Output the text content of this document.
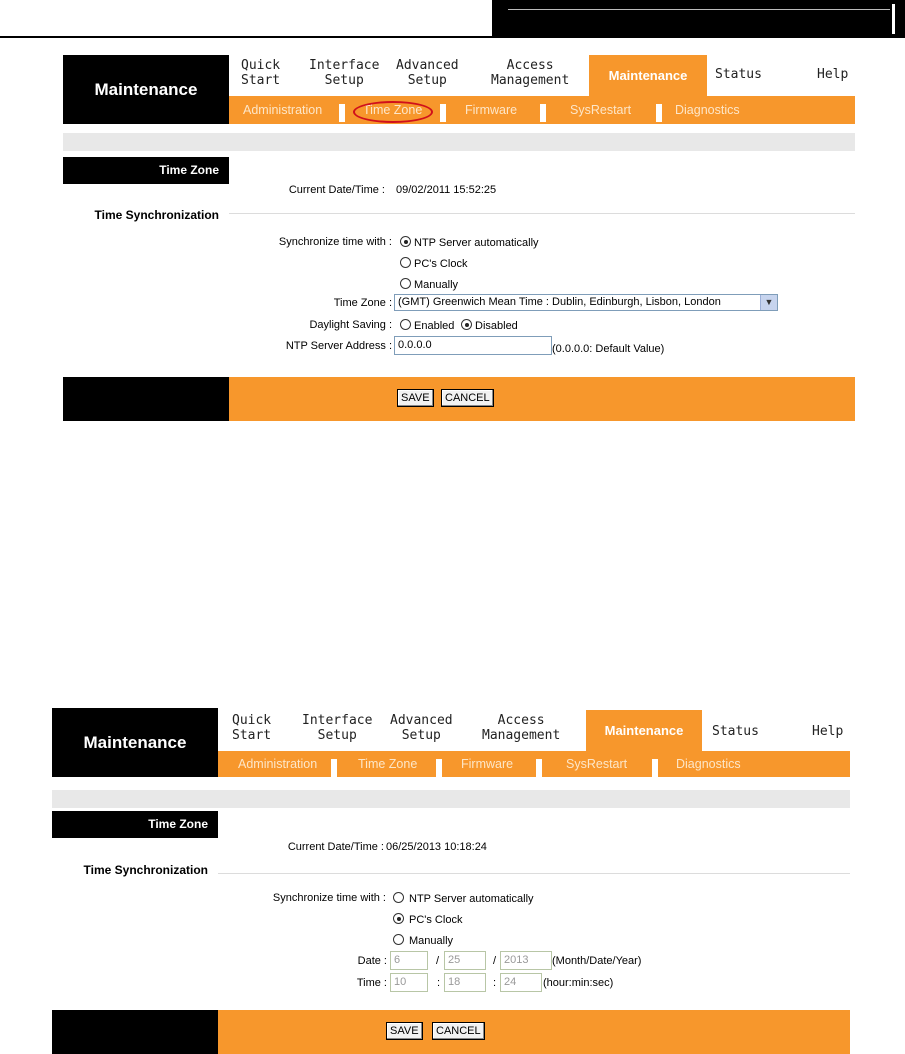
Maintenance
Quick
Start
Interface
Setup
Advanced
Setup
Access
Management	Maintenance	Status	Help
Administration	Time Zone	Firmware	SysRestart	Diagnostics
Time Zone
Time Synchronization
Current Date/Time : 09/02/2011 15:52:25
Synchronize time with : NTP Server automatically
PC's Clock
Manually
Time Zone : (GMT) Greenwich Mean Time : Dublin, Edinburgh, Lisbon, London	▼
Daylight Saving : Enabled Disabled
NTP Server Address : 0.0.0.0	(0.0.0.0: Default Value)
SAVE	CANCEL
Maintenance
Quick
Start
Interface
Setup
Advanced
Setup
Access
Management	Maintenance	Status	Help
Administration	Time Zone	Firmware	SysRestart	Diagnostics
Time Zone
Time Synchronization
Current Date/Time : 06/25/2013 10:18:24
Synchronize time with : NTP Server automatically
PC's Clock
Manually
Date : 6	/ 25	/ 2013	(Month/Date/Year)
Time : 10	: 18	: 24	(hour:min:sec)
SAVE	CANCEL
